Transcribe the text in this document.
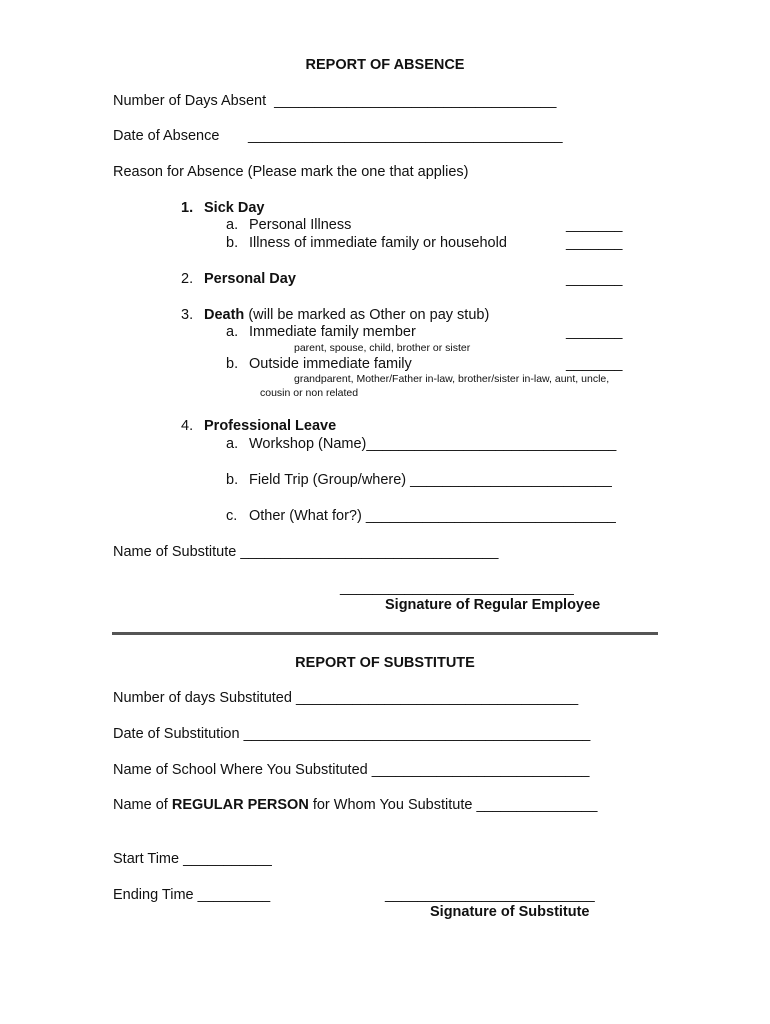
REPORT OF ABSENCE
Number of Days Absent  ___________________________________
Date of Absence _______________________________________
Reason for Absence (Please mark the one that applies)
1. Sick Day
a. Personal Illness	_______
b. Illness of immediate family or household	_______
2. Personal Day	_______
3. Death (will be marked as Other on pay stub)
a. Immediate family member	_______
parent, spouse, child, brother or sister
b. Outside immediate family	_______
grandparent, Mother/Father in-law, brother/sister in-law, aunt, uncle,
cousin or non related
4. Professional Leave
a. Workshop (Name)_______________________________
b. Field Trip (Group/where) _________________________
c. Other (What for?) _______________________________
Name of Substitute ________________________________
_____________________________
Signature of Regular Employee
REPORT OF SUBSTITUTE
Number of days Substituted ___________________________________
Date of Substitution ___________________________________________
Name of School Where You Substituted ___________________________
Name of REGULAR PERSON for Whom You Substitute _______________
Start Time ___________
Ending Time _________	__________________________
Signature of Substitute
